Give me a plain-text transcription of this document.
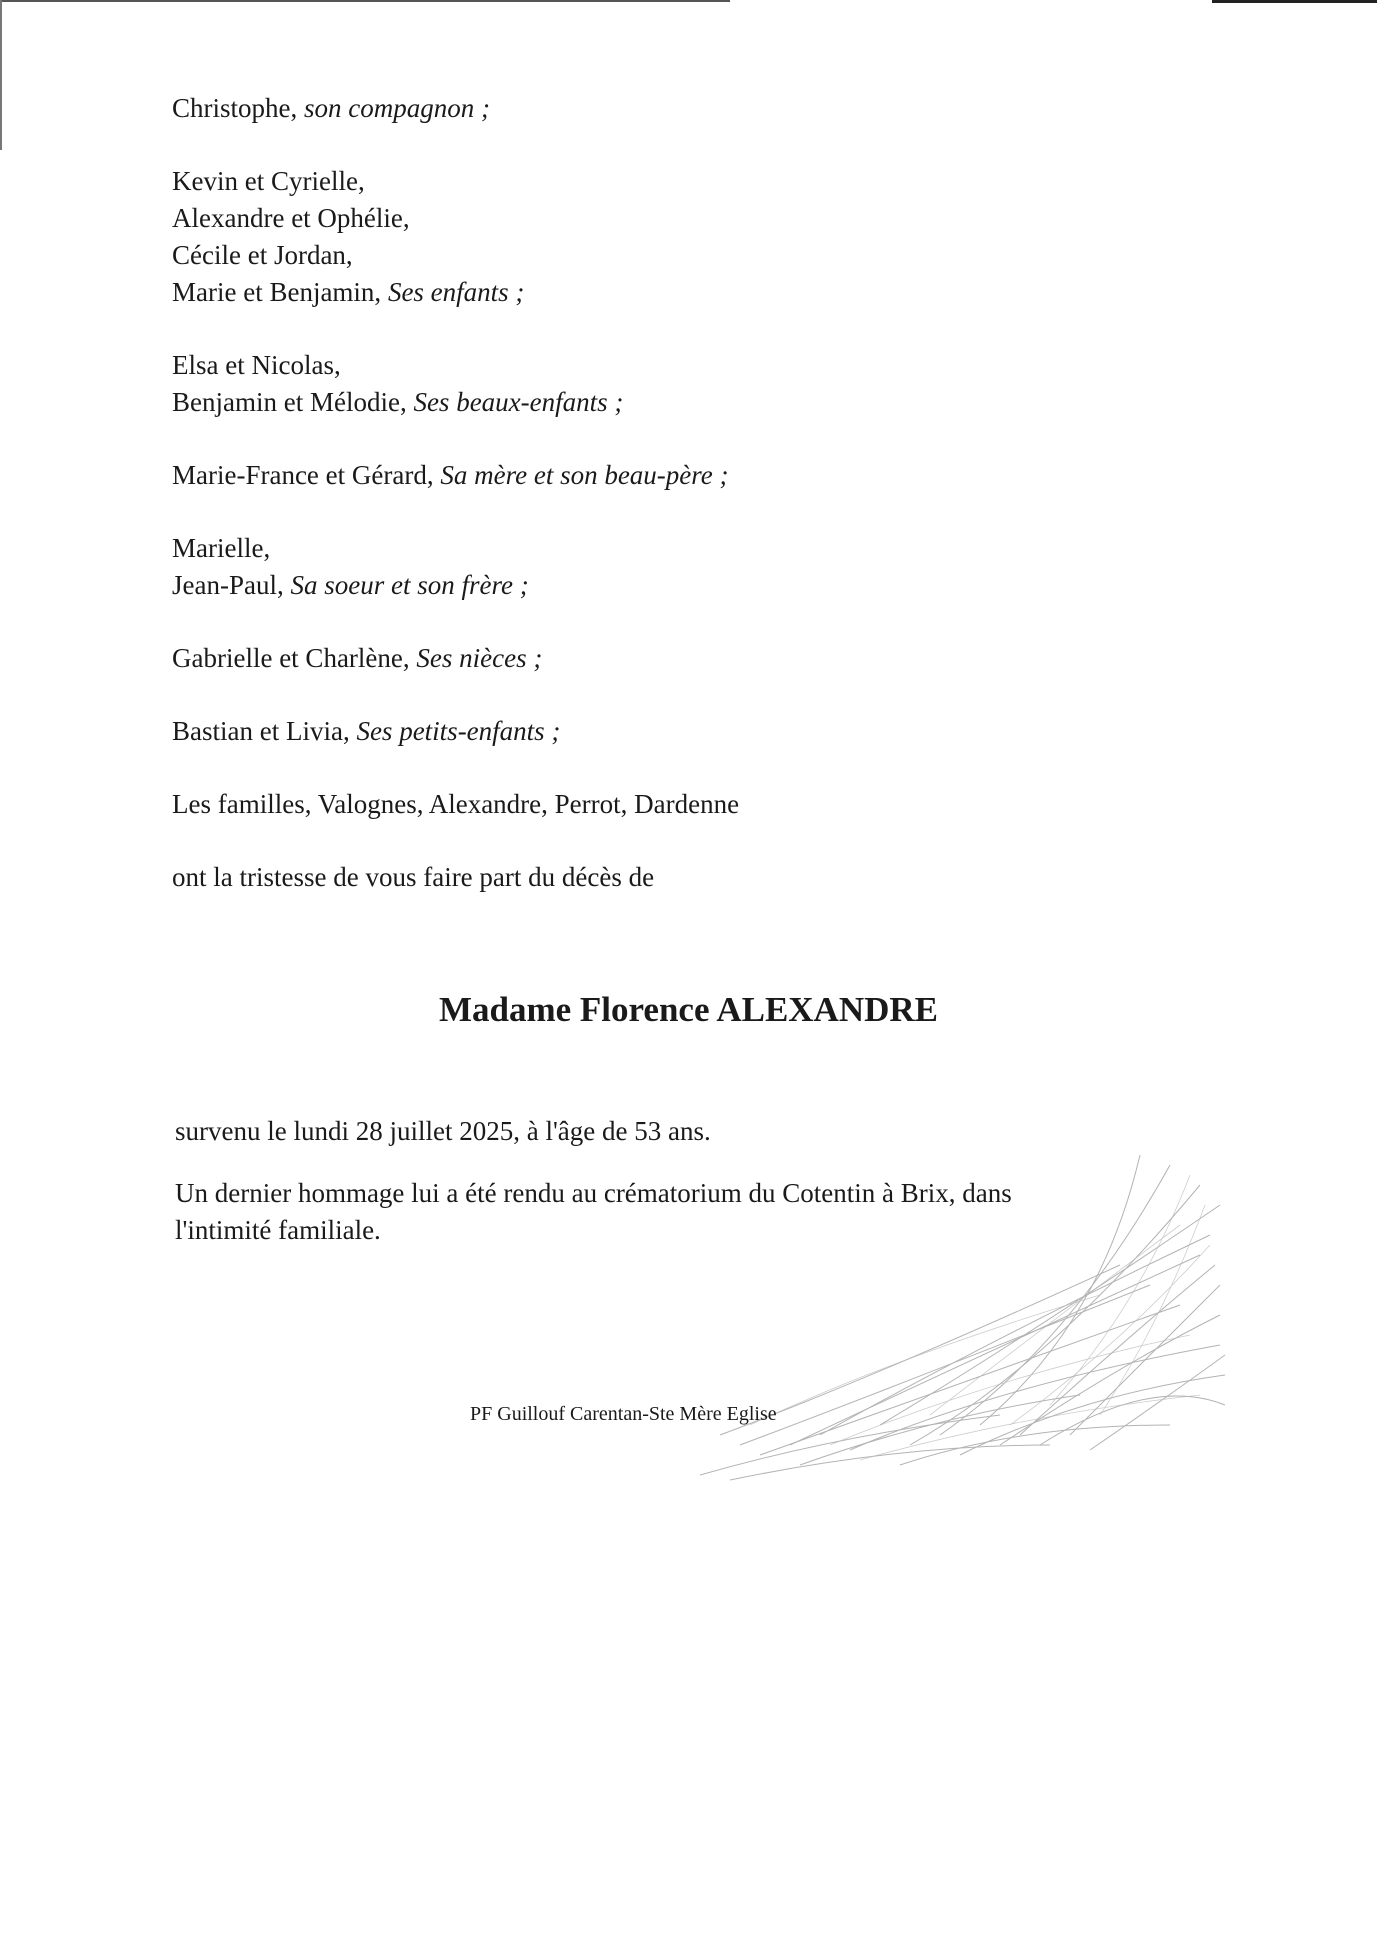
Christophe, son compagnon ;
Kevin et Cyrielle,
Alexandre et Ophélie,
Cécile et Jordan,
Marie et Benjamin, Ses enfants ;
Elsa et Nicolas,
Benjamin et Mélodie, Ses beaux-enfants ;
Marie-France et Gérard, Sa mère et son beau-père ;
Marielle,
Jean-Paul, Sa soeur et son frère ;
Gabrielle et Charlène, Ses nièces ;
Bastian et Livia, Ses petits-enfants ;
Les familles, Valognes, Alexandre, Perrot, Dardenne
ont la tristesse de vous faire part du décès de
Madame Florence ALEXANDRE
survenu le lundi 28 juillet 2025, à l'âge de 53 ans.
Un dernier hommage lui a été rendu au crématorium du Cotentin à Brix, dans
l'intimité familiale.
PF Guillouf Carentan-Ste Mère Eglise
